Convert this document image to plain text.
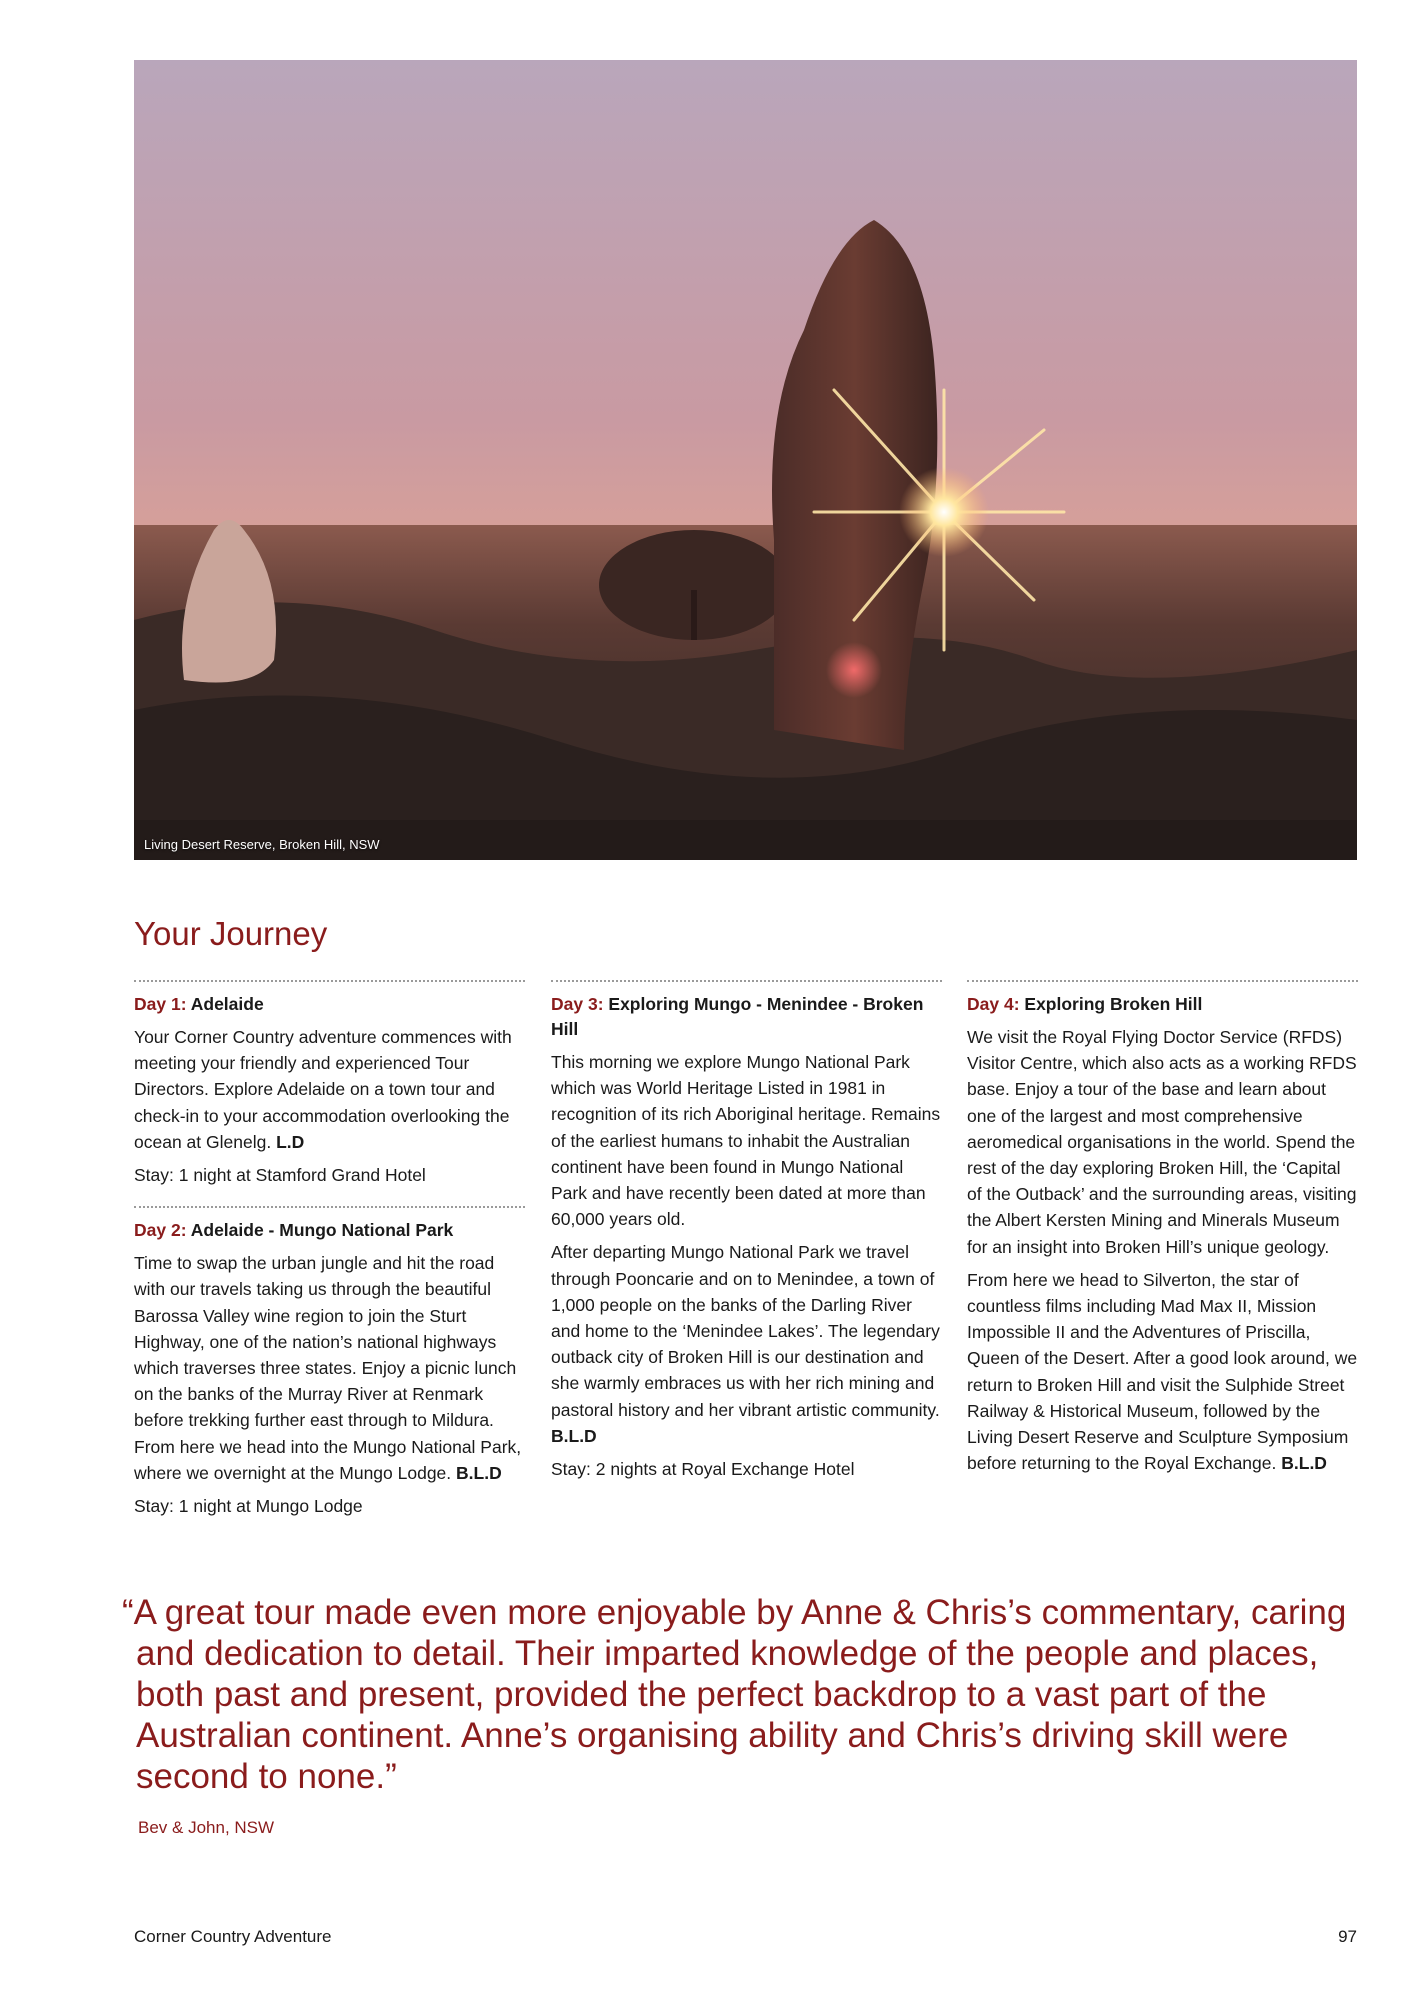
Living Desert Reserve, Broken Hill, NSW
Your Journey
Day 1: Adelaide

Your Corner Country adventure commences with meeting your friendly and experienced Tour Directors. Explore Adelaide on a town tour and check-in to your accommodation overlooking the ocean at Glenelg. L.D

Stay: 1 night at Stamford Grand Hotel

Day 2: Adelaide - Mungo National Park

Time to swap the urban jungle and hit the road with our travels taking us through the beautiful Barossa Valley wine region to join the Sturt Highway, one of the nation’s national highways which traverses three states. Enjoy a picnic lunch on the banks of the Murray River at Renmark before trekking further east through to Mildura. From here we head into the Mungo National Park, where we overnight at the Mungo Lodge. B.L.D

Stay: 1 night at Mungo Lodge

Day 3: Exploring Mungo - Menindee - Broken Hill

This morning we explore Mungo National Park which was World Heritage Listed in 1981 in recognition of its rich Aboriginal heritage. Remains of the earliest humans to inhabit the Australian continent have been found in Mungo National Park and have recently been dated at more than 60,000 years old.

After departing Mungo National Park we travel through Pooncarie and on to Menindee, a town of 1,000 people on the banks of the Darling River and home to the ‘Menindee Lakes’. The legendary outback city of Broken Hill is our destination and she warmly embraces us with her rich mining and pastoral history and her vibrant artistic community. B.L.D

Stay: 2 nights at Royal Exchange Hotel

Day 4: Exploring Broken Hill

We visit the Royal Flying Doctor Service (RFDS) Visitor Centre, which also acts as a working RFDS base. Enjoy a tour of the base and learn about one of the largest and most comprehensive aeromedical organisations in the world. Spend the rest of the day exploring Broken Hill, the ‘Capital of the Outback’ and the surrounding areas, visiting the Albert Kersten Mining and Minerals Museum for an insight into Broken Hill’s unique geology.

From here we head to Silverton, the star of countless films including Mad Max II, Mission Impossible II and the Adventures of Priscilla, Queen of the Desert. After a good look around, we return to Broken Hill and visit the Sulphide Street Railway & Historical Museum, followed by the Living Desert Reserve and Sculpture Symposium before returning to the Royal Exchange. B.L.D

“A great tour made even more enjoyable by Anne & Chris’s commentary, caring and dedication to detail. Their imparted knowledge of the people and places, both past and present, provided the perfect backdrop to a vast part of the Australian continent. Anne’s organising ability and Chris’s driving skill were second to none.”
Bev & John, NSW
Corner Country Adventure	97
